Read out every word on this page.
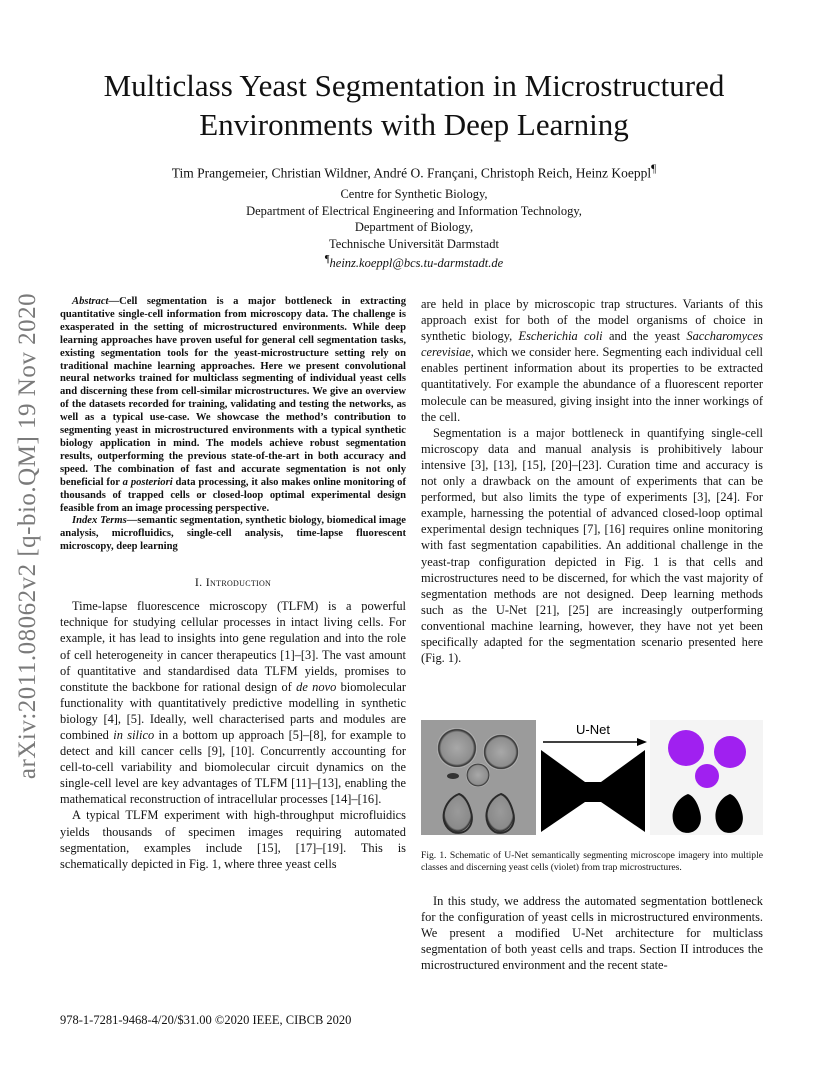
arXiv:2011.08062v2 [q-bio.QM] 19 Nov 2020
Multiclass Yeast Segmentation in Microstructured
Environments with Deep Learning
Tim Prangemeier, Christian Wildner, André O. Françani, Christoph Reich, Heinz Koeppl¶
Centre for Synthetic Biology,
Department of Electrical Engineering and Information Technology,
Department of Biology,
Technische Universität Darmstadt
¶heinz.koeppl@bcs.tu-darmstadt.de

Abstract—Cell segmentation is a major bottleneck in extracting quantitative single-cell information from microscopy data. The challenge is exasperated in the setting of microstructured environments. While deep learning approaches have proven useful for general cell segmentation tasks, existing segmentation tools for the yeast-microstructure setting rely on traditional machine learning approaches. Here we present convolutional neural networks trained for multiclass segmenting of individual yeast cells and discerning these from cell-similar microstructures. We give an overview of the datasets recorded for training, validating and testing the networks, as well as a typical use-case. We showcase the method’s contribution to segmenting yeast in microstructured environments with a typical synthetic biology application in mind. The models achieve robust segmentation results, outperforming the previous state-of-the-art in both accuracy and speed. The combination of fast and accurate segmentation is not only beneficial for a posteriori data processing, it also makes online monitoring of thousands of trapped cells or closed-loop optimal experimental design feasible from an image processing perspective.

Index Terms—semantic segmentation, synthetic biology, biomedical image analysis, microfluidics, single-cell analysis, time-lapse fluorescent microscopy, deep learning

I. Introduction

Time-lapse fluorescence microscopy (TLFM) is a powerful technique for studying cellular processes in intact living cells. For example, it has lead to insights into gene regulation and into the role of cell heterogeneity in cancer therapeutics [1]–[3]. The vast amount of quantitative and standardised data TLFM yields, promises to constitute the backbone for rational design of de novo biomolecular functionality with quantitatively predictive modelling in synthetic biology [4], [5]. Ideally, well characterised parts and modules are combined in silico in a bottom up approach [5]–[8], for example to detect and kill cancer cells [9], [10]. Concurrently accounting for cell-to-cell variability and biomolecular circuit dynamics on the single-cell level are key advantages of TLFM [11]–[13], enabling the mathematical reconstruction of intracellular processes [14]–[16].

A typical TLFM experiment with high-throughput microfluidics yields thousands of specimen images requiring automated segmentation, examples include [15], [17]–[19]. This is schematically depicted in Fig. 1, where three yeast cells

are held in place by microscopic trap structures. Variants of this approach exist for both of the model organisms of choice in synthetic biology, Escherichia coli and the yeast Saccharomyces cerevisiae, which we consider here. Segmenting each individual cell enables pertinent information about its properties to be extracted quantitatively. For example the abundance of a fluorescent reporter molecule can be measured, giving insight into the inner workings of the cell.

Segmentation is a major bottleneck in quantifying single-cell microscopy data and manual analysis is prohibitively labour intensive [3], [13], [15], [20]–[23]. Curation time and accuracy is not only a drawback on the amount of experiments that can be performed, but also limits the type of experiments [3], [24]. For example, harnessing the potential of advanced closed-loop optimal experimental design techniques [7], [16] requires online monitoring with fast segmentation capabilities. An additional challenge in the yeast-trap configuration depicted in Fig. 1 is that cells and microstructures need to be discerned, for which the vast majority of segmentation methods are not designed. Deep learning methods such as the U-Net [21], [25] are increasingly outperforming conventional machine learning, however, they have not yet been specifically adapted for the segmentation scenario presented here (Fig. 1).

U-Net
Fig. 1. Schematic of U-Net semantically segmenting microscope imagery into multiple classes and discerning yeast cells (violet) from trap microstructures.

In this study, we address the automated segmentation bottleneck for the configuration of yeast cells in microstructured environments. We present a modified U-Net architecture for multiclass segmentation of both yeast cells and traps. Section II introduces the microstructured environment and the recent state-

978-1-7281-9468-4/20/$31.00 ©2020 IEEE, CIBCB 2020
